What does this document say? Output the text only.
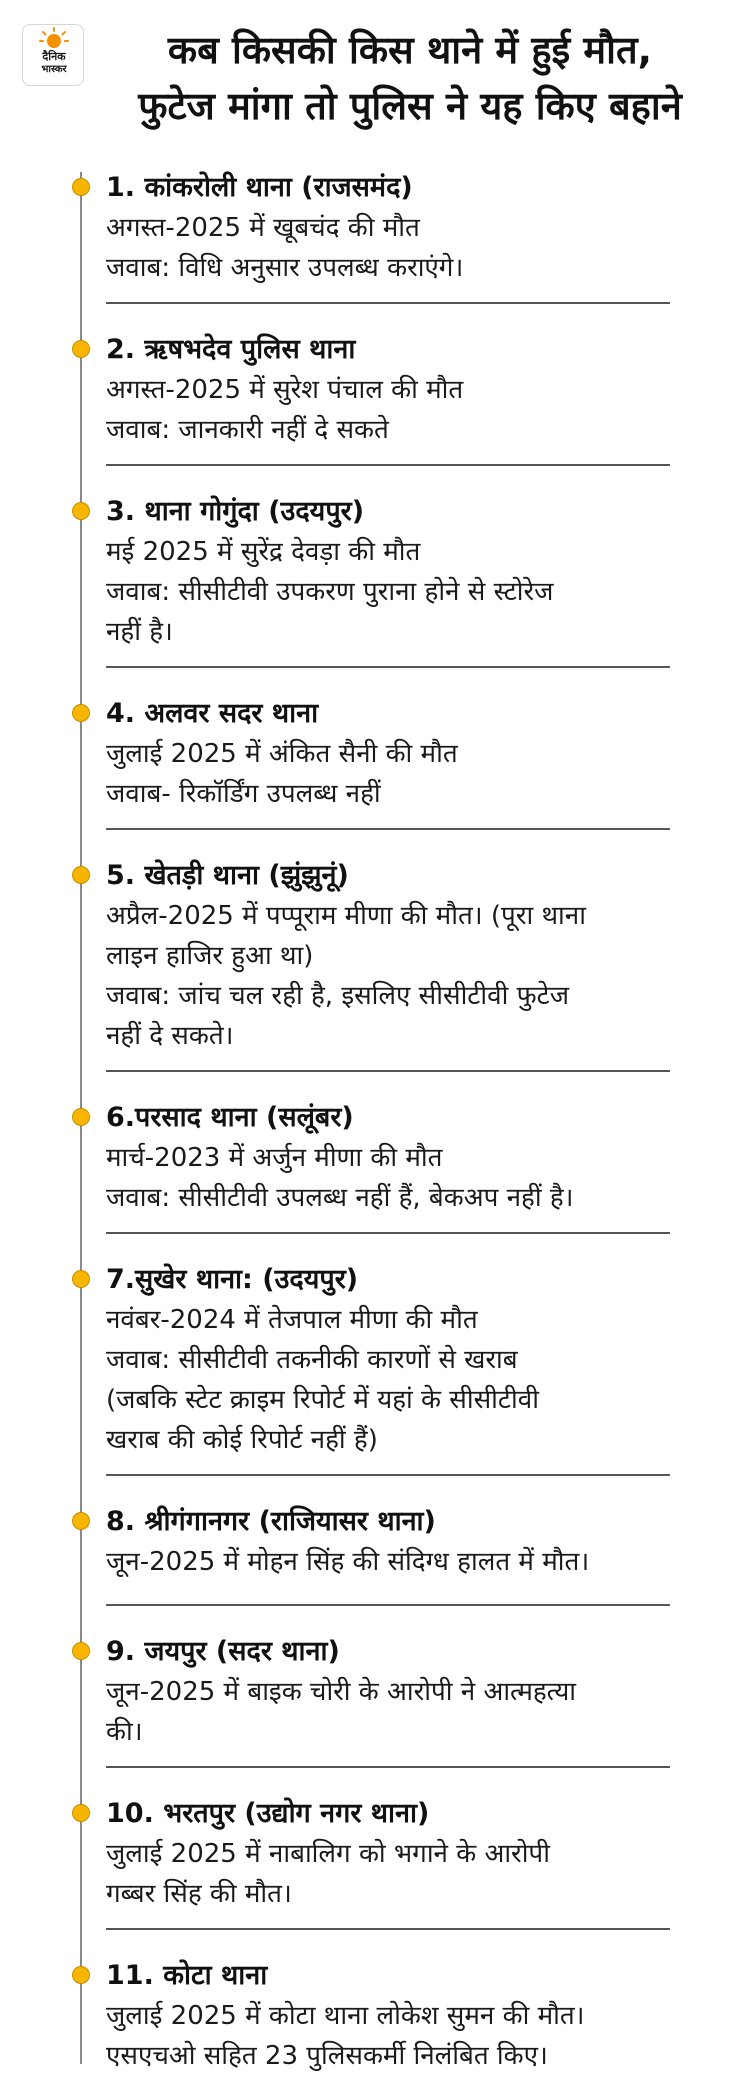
दैनिक
भास्कर	कब किसकी किस थाने में हुई मौत,
फुटेज मांगा तो पुलिस ने यह किए बहाने
1. कांकरोली थाना (राजसमंद)
अगस्त-2025 में खूबचंद की मौत
जवाब: विधि अनुसार उपलब्ध कराएंगे।
2. ऋषभदेव पुलिस थाना
अगस्त-2025 में सुरेश पंचाल की मौत
जवाब: जानकारी नहीं दे सकते
3. थाना गोगुंदा (उदयपुर)
मई 2025 में सुरेंद्र देवड़ा की मौत
जवाब: सीसीटीवी उपकरण पुराना होने से स्टोरेज
नहीं है।
4. अलवर सदर थाना
जुलाई 2025 में अंकित सैनी की मौत
जवाब- रिकॉर्डिंग उपलब्ध नहीं
5. खेतड़ी थाना (झुंझुनूं)
अप्रैल-2025 में पप्पूराम मीणा की मौत। (पूरा थाना
लाइन हाजिर हुआ था)
जवाब: जांच चल रही है, इसलिए सीसीटीवी फुटेज
नहीं दे सकते।
6.परसाद थाना (सलूंबर)
मार्च-2023 में अर्जुन मीणा की मौत
जवाब: सीसीटीवी उपलब्ध नहीं हैं, बेकअप नहीं है।
7.सुखेर थाना: (उदयपुर)
नवंबर-2024 में तेजपाल मीणा की मौत
जवाब: सीसीटीवी तकनीकी कारणों से खराब
(जबकि स्टेट क्राइम रिपोर्ट में यहां के सीसीटीवी
खराब की कोई रिपोर्ट नहीं हैं)
8. श्रीगंगानगर (राजियासर थाना)
जून-2025 में मोहन सिंह की संदिग्ध हालत में मौत।
9. जयपुर (सदर थाना)
जून-2025 में बाइक चोरी के आरोपी ने आत्महत्या
की।
10. भरतपुर (उद्योग नगर थाना)
जुलाई 2025 में नाबालिग को भगाने के आरोपी
गब्बर सिंह की मौत।
11. कोटा थाना
जुलाई 2025 में कोटा थाना लोकेश सुमन की मौत।
एसएचओ सहित 23 पुलिसकर्मी निलंबित किए।
